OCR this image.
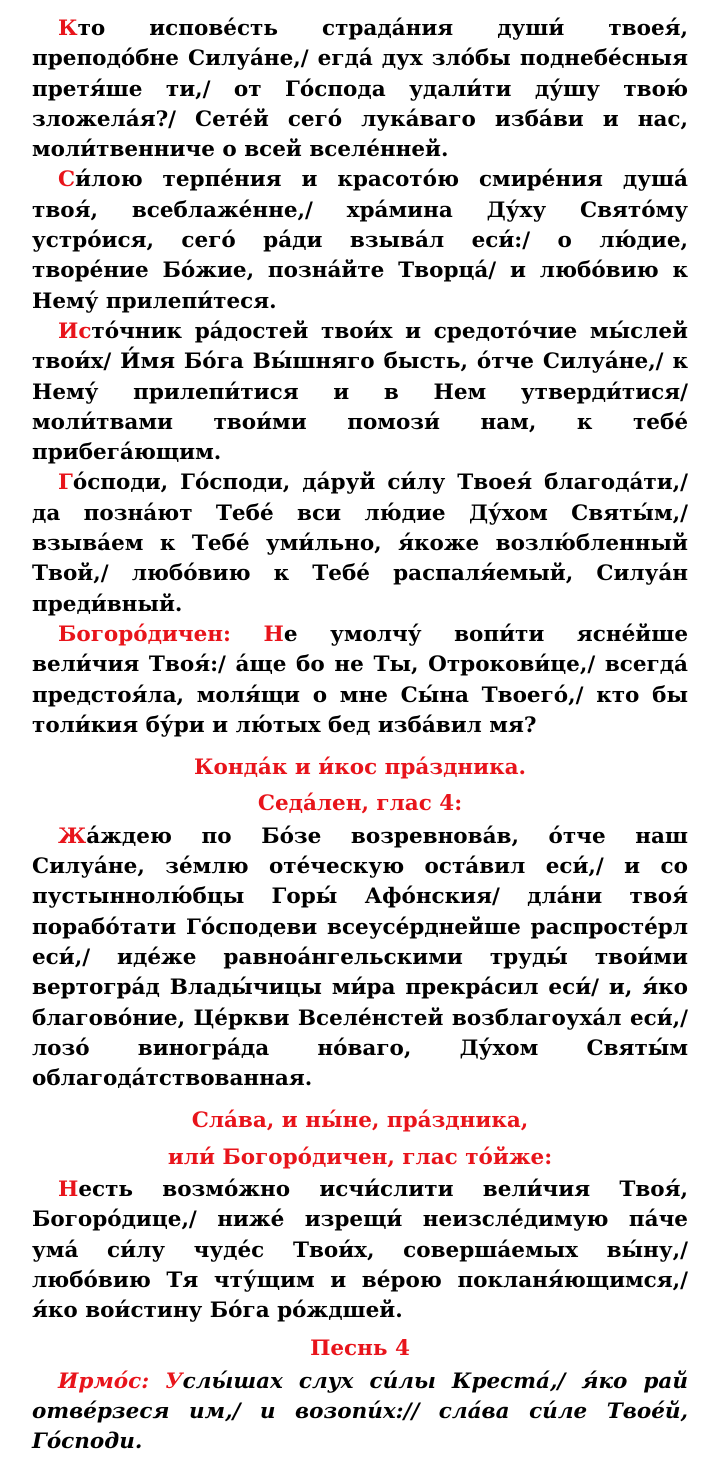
Кто испове́сть страда́ния души́ твоея́, преподо́бне Силуа́не,/ егда́ дух зло́бы поднебе́сныя претя́ше ти,/ от Го́спода удали́ти ду́шу твою́ зложела́я?/ Сете́й сего́ лука́ваго изба́ви и нас, моли́твенниче о всей вселе́нней.

Си́лою терпе́ния и красото́ю смире́ния душа́ твоя́, всеблаже́нне,/ хра́мина Ду́ху Свято́му устро́ися, сего́ ра́ди взыва́л еси́:/ о лю́дие, творе́ние Бо́жие, позна́йте Творца́/ и любо́вию к Нему́ прилепи́теся.

Исто́чник ра́достей твои́х и средото́чие мы́слей твои́х/ И́мя Бо́га Вы́шняго бысть, о́тче Силуа́не,/ к Нему́ прилепи́тися и в Нем утверди́тися/ моли́твами твои́ми помози́ нам, к тебе́ прибега́ющим.

Го́споди, Го́споди, да́руй си́лу Твоея́ благода́ти,/ да позна́ют Тебе́ вси лю́дие Ду́хом Святы́м,/ взыва́ем к Тебе́ уми́льно, я́коже возлю́бленный Твой,/ любо́вию к Тебе́ распаля́емый, Силуа́н преди́вный.

Богоро́дичен: Не умолчу́ вопи́ти ясне́йше вели́чия Твоя́:/ а́ще бо не Ты, Отрокови́це,/ всегда́ предстоя́ла, моля́щи о мне Сы́на Твоего́,/ кто бы толи́кия бу́ри и лю́тых бед изба́вил мя?

Конда́к и и́кос пра́здника.

Седа́лен, глас 4:

Жа́ждею по Бо́зе возревнова́в, о́тче наш Силуа́не, зе́млю оте́ческую оста́вил еси́,/ и со пустыннолю́бцы Горы́ Афо́нския/ дла́ни твоя́ порабо́тати Го́сподеви всеусе́рднейше распросте́рл еси́,/ иде́же равноа́нгельскими труды́ твои́ми вертогра́д Влады́чицы ми́ра прекра́сил еси́/ и, я́ко благово́ние, Це́ркви Вселе́нстей возблагоуха́л еси́,/ лозо́ виногра́да но́ваго, Ду́хом Святы́м облагода́тствованная.

Сла́ва, и ны́не, пра́здника,

или́ Богоро́дичен, глас то́йже:

Несть возмо́жно исчи́слити вели́чия Твоя́, Богоро́дице,/ ниже́ изрещи́ неизсле́димую па́че ума́ си́лу чуде́с Твои́х, соверша́емых вы́ну,/ любо́вию Тя чту́щим и ве́рою покланя́ющимся,/ я́ко вои́стину Бо́га ро́ждшей.

Песнь 4

Ирмо́с: Услы́шах слух си́лы Креста́,/ я́ко рай отве́рзеся им,/ и возопи́х:// сла́ва си́ле Твое́й, Го́споди.
